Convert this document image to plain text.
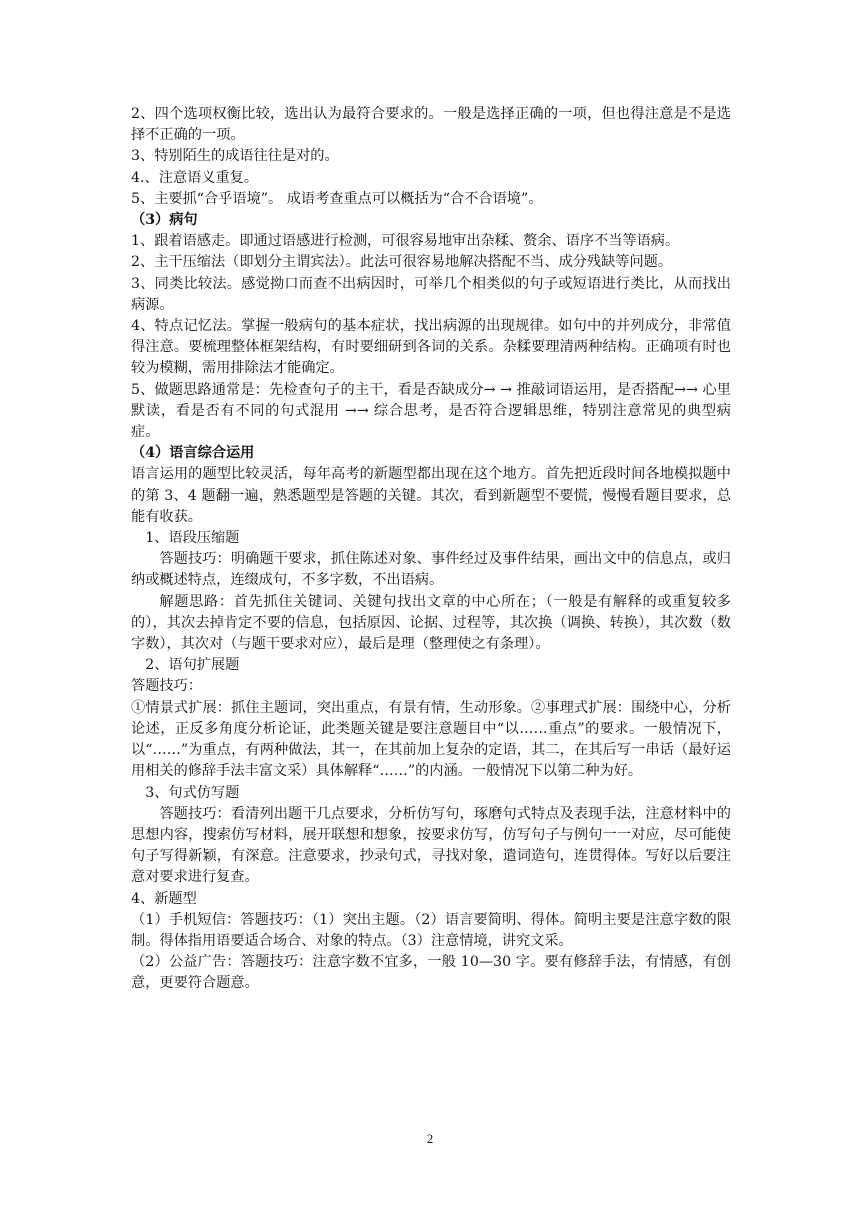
2、四个选项权衡比较，选出认为最符合要求的。一般是选择正确的一项，但也得注意是不是选择不正确的一项。

3、特别陌生的成语往往是对的。

4.、注意语义重复。

5、主要抓“合乎语境”。 成语考查重点可以概括为“合不合语境”。

（3）病句

1、跟着语感走。即通过语感进行检测，可很容易地审出杂糅、赘余、语序不当等语病。

2、主干压缩法（即划分主谓宾法）。此法可很容易地解决搭配不当、成分残缺等问题。

3、同类比较法。感觉拗口而查不出病因时，可举几个相类似的句子或短语进行类比，从而找出病源。

4、特点记忆法。掌握一般病句的基本症状，找出病源的出现规律。如句中的并列成分，非常值得注意。要梳理整体框架结构，有时要细研到各词的关系。杂糅要理清两种结构。正确项有时也较为模糊，需用排除法才能确定。

5、做题思路通常是：先检查句子的主干，看是否缺成分→ → 推敲词语运用，是否搭配→→ 心里默读，看是否有不同的句式混用 →→ 综合思考，是否符合逻辑思维，特别注意常见的典型病症。

（4）语言综合运用

语言运用的题型比较灵活，每年高考的新题型都出现在这个地方。首先把近段时间各地模拟题中的第 3、4 题翻一遍，熟悉题型是答题的关键。其次，看到新题型不要慌，慢慢看题目要求，总能有收获。

1、语段压缩题

答题技巧：明确题干要求，抓住陈述对象、事件经过及事件结果，画出文中的信息点，或归纳或概述特点，连缀成句，不多字数，不出语病。

解题思路：首先抓住关键词、关键句找出文章的中心所在；（一般是有解释的或重复较多的），其次去掉肯定不要的信息，包括原因、论据、过程等，其次换（调换、转换），其次数（数字数），其次对（与题干要求对应），最后是理（整理使之有条理）。

2、语句扩展题

答题技巧：

①情景式扩展：抓住主题词，突出重点，有景有情，生动形象。②事理式扩展：围绕中心，分析论述，正反多角度分析论证，此类题关键是要注意题目中“以……重点”的要求。一般情况下，以“……”为重点，有两种做法，其一，在其前加上复杂的定语，其二，在其后写一串话（最好运用相关的修辞手法丰富文采）具体解释“……”的内涵。一般情况下以第二种为好。

3、句式仿写题

答题技巧：看清列出题干几点要求，分析仿写句，琢磨句式特点及表现手法，注意材料中的思想内容，搜索仿写材料，展开联想和想象，按要求仿写，仿写句子与例句一一对应，尽可能使句子写得新颖，有深意。注意要求，抄录句式，寻找对象，遣词造句，连贯得体。写好以后要注意对要求进行复查。

4、新题型

（1）手机短信：答题技巧：（1）突出主题。（2）语言要简明、得体。简明主要是注意字数的限制。得体指用语要适合场合、对象的特点。（3）注意情境，讲究文采。

（2）公益广告：答题技巧：注意字数不宜多，一般 10—30 字。要有修辞手法，有情感，有创意，更要符合题意。

2
